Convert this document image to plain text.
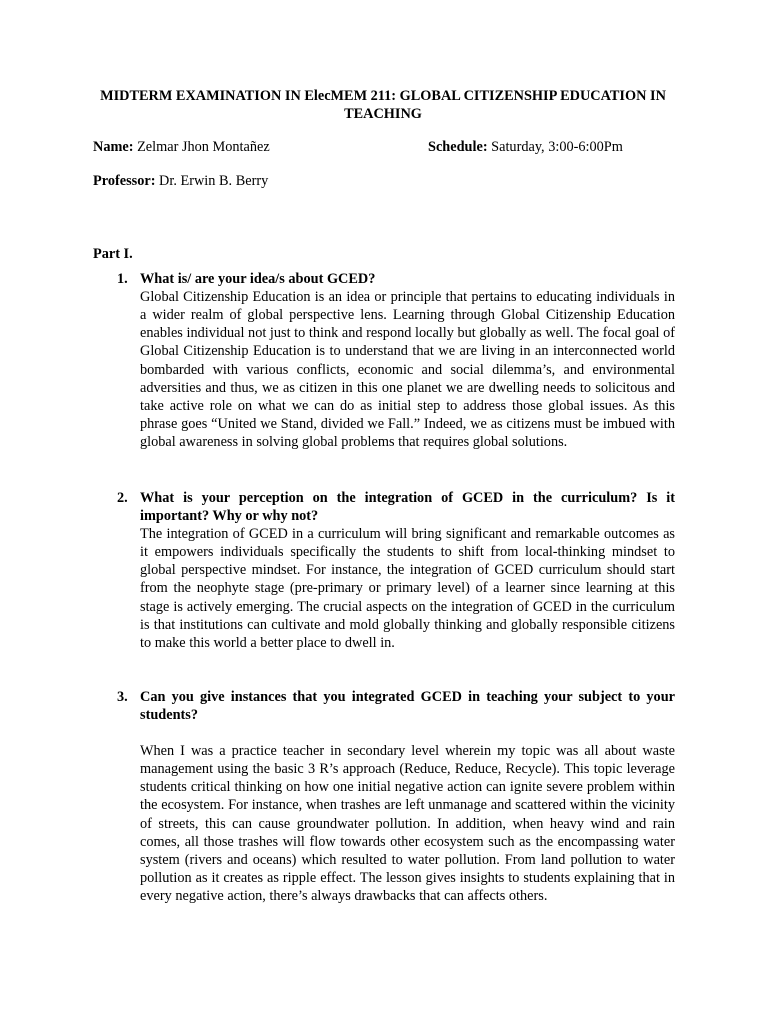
MIDTERM EXAMINATION IN ElecMEM 211: GLOBAL CITIZENSHIP EDUCATION IN TEACHING

Name: Zelmar Jhon Montañez	Schedule: Saturday, 3:00-6:00Pm

Professor: Dr. Erwin B. Berry

Part I.

1. What is/ are your idea/s about GCED?

Global Citizenship Education is an idea or principle that pertains to educating individuals in a wider realm of global perspective lens. Learning through Global Citizenship Education enables individual not just to think and respond locally but globally as well. The focal goal of Global Citizenship Education is to understand that we are living in an interconnected world bombarded with various conflicts, economic and social dilemma’s, and environmental adversities and thus, we as citizen in this one planet we are dwelling needs to solicitous and take active role on what we can do as initial step to address those global issues. As this phrase goes “United we Stand, divided we Fall.” Indeed, we as citizens must be imbued with global awareness in solving global problems that requires global solutions.

2. What is your perception on the integration of GCED in the curriculum? Is it important? Why or why not?

The integration of GCED in a curriculum will bring significant and remarkable outcomes as it empowers individuals specifically the students to shift from local-thinking mindset to global perspective mindset. For instance, the integration of GCED curriculum should start from the neophyte stage (pre-primary or primary level) of a learner since learning at this stage is actively emerging. The crucial aspects on the integration of GCED in the curriculum is that institutions can cultivate and mold globally thinking and globally responsible citizens to make this world a better place to dwell in.

3. Can you give instances that you integrated GCED in teaching your subject to your students?

When I was a practice teacher in secondary level wherein my topic was all about waste management using the basic 3 R’s approach (Reduce, Reduce, Recycle). This topic leverage students critical thinking on how one initial negative action can ignite severe problem within the ecosystem. For instance, when trashes are left unmanage and scattered within the vicinity of streets, this can cause groundwater pollution. In addition, when heavy wind and rain comes, all those trashes will flow towards other ecosystem such as the encompassing water system (rivers and oceans) which resulted to water pollution. From land pollution to water pollution as it creates as ripple effect. The lesson gives insights to students explaining that in every negative action, there’s always drawbacks that can affects others.
